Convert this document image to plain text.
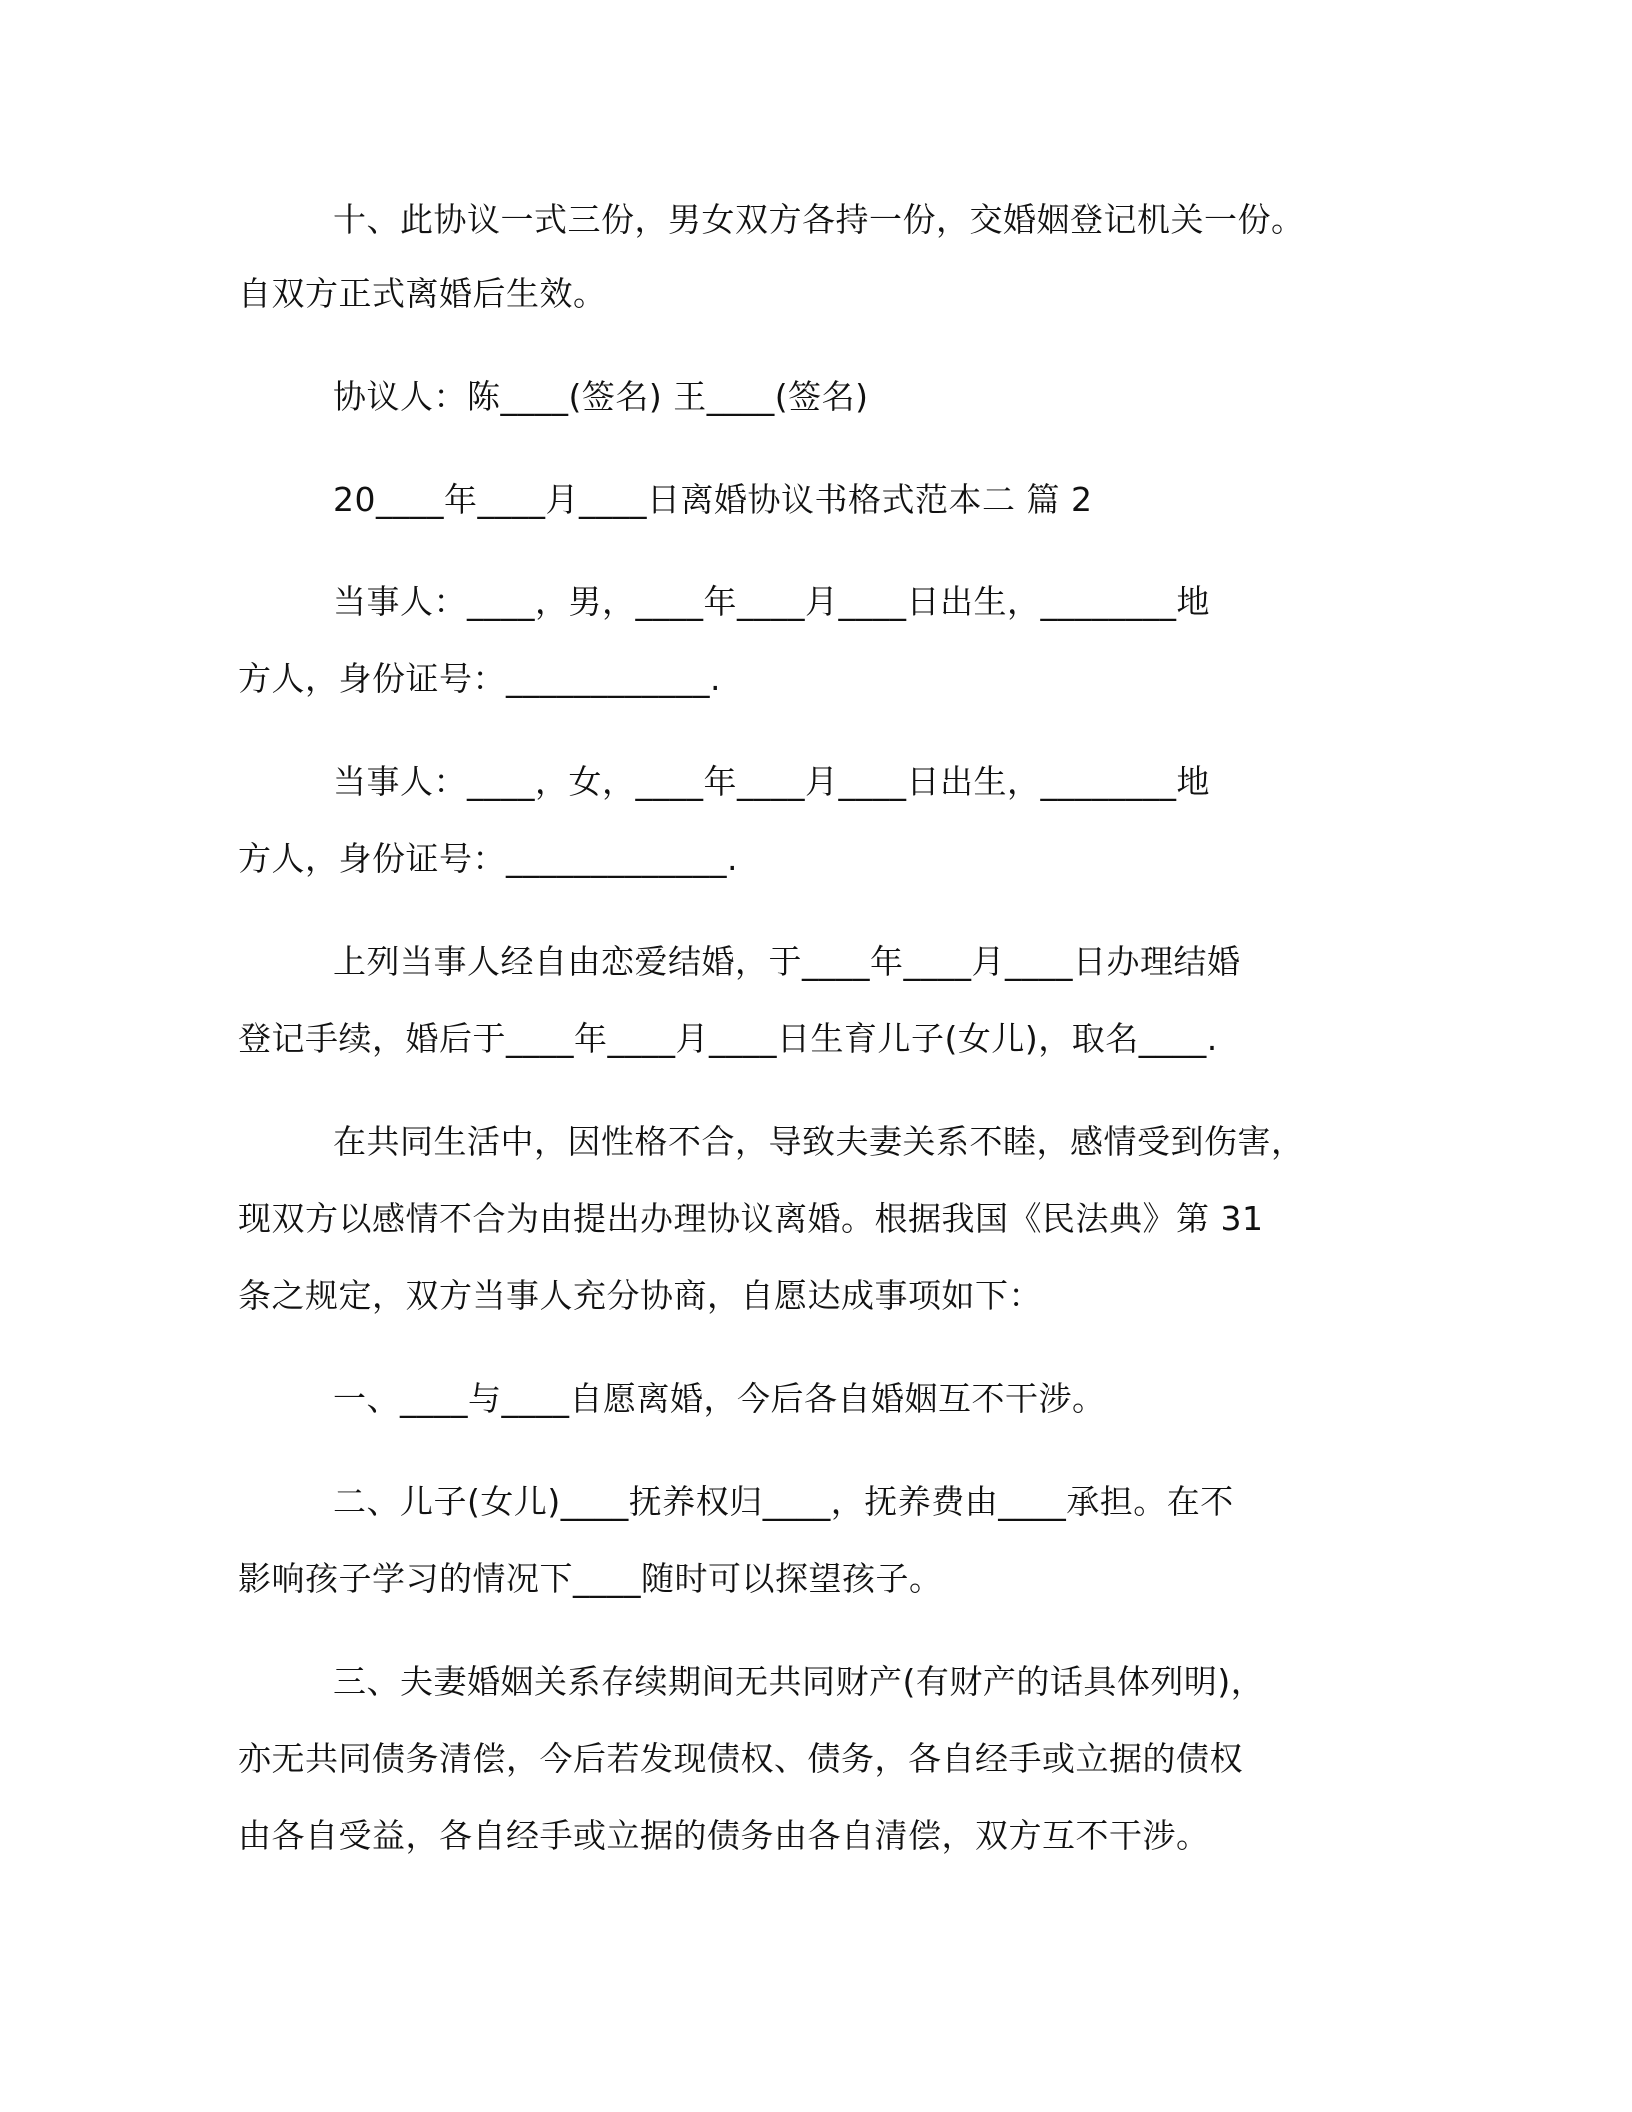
十、此协议一式三份，男女双方各持一份，交婚姻登记机关一份。
自双方正式离婚后生效。
协议人：陈____(签名) 王____(签名)
20____年____月____日离婚协议书格式范本二 篇 2
当事人：____，男，____年____月____日出生，________地
方人，身份证号：____________.
当事人：____，女，____年____月____日出生，________地
方人，身份证号：_____________.
上列当事人经自由恋爱结婚，于____年____月____日办理结婚
登记手续，婚后于____年____月____日生育儿子(女儿)，取名____.
在共同生活中，因性格不合，导致夫妻关系不睦，感情受到伤害，
现双方以感情不合为由提出办理协议离婚。根据我国《民法典》第 31
条之规定，双方当事人充分协商，自愿达成事项如下：
一、____与____自愿离婚，今后各自婚姻互不干涉。
二、儿子(女儿)____抚养权归____，抚养费由____承担。在不
影响孩子学习的情况下____随时可以探望孩子。
三、夫妻婚姻关系存续期间无共同财产(有财产的话具体列明)，
亦无共同债务清偿，今后若发现债权、债务，各自经手或立据的债权
由各自受益，各自经手或立据的债务由各自清偿，双方互不干涉。
